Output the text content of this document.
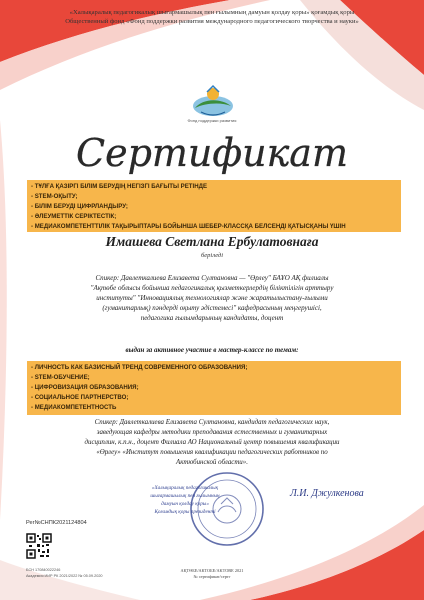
«Халықаралық педагогикалық шығармашылық пен ғылымның дамуын қолдау қоры» қоғамдық қоры
Общественный фонд «Фонд поддержки развития международного педагогического творчества и науки»
Фонд поддержки развития
Сертификат
- ТҰЛҒА ҚАЗІРГІ БІЛІМ БЕРУДІҢ НЕГІЗГІ БАҒЫТЫ РЕТІНДЕ
- STEM-ОҚЫТУ;
- БІЛІМ БЕРУДІ ЦИФРЛАНДЫРУ;
- ӘЛЕУМЕТТІК СЕРІКТЕСТІК;
- МЕДИАКОМПЕТЕНТТІЛІК ТАҚЫРЫПТАРЫ БОЙЫНША ШЕБЕР-КЛАССҚА БЕЛСЕНДІ ҚАТЫСҚАНЫ ҮШІН
Имашева Светлана Ербулатовнаға
берiледі
Спикер: Давлеткалиева Елизавета Султановна — "Өрлеу" БАҰО АҚ филиалы
"Ақтөбе облысы бойынша педагогикалық қызметкерлердің біліктілігін арттыру
институты" "Инновациялық технологиялар және жаратылыстану-ғылыми
(гуманитарлық) пәндерді оқыту әдістемесі" кафедрасының меңгерушісі,
педагогика ғылымдарының кандидаты, доцент
выдан за активное участие в мастер-классе по темам:
- ЛИЧНОСТЬ КАК БАЗИСНЫЙ ТРЕНД СОВРЕМЕННОГО ОБРАЗОВАНИЯ;
- STEM-ОБУЧЕНИЕ;
- ЦИФРОВИЗАЦИЯ ОБРАЗОВАНИЯ;
- СОЦИАЛЬНОЕ ПАРТНЕРСТВО;
- МЕДИАКОМПЕТЕНТНОСТЬ
Спикер: Давлеткалиева Елизавета Султановна, кандидат педагогических наук,
заведующая кафедры методики преподавания естественных и гуманитарных
дисциплин, к.п.н., доцент Филиала АО Национальный центр повышения квалификации
«Өрлеу» «Институт повышения квалификации педагогических работников по
Актюбинской области».
«Халықаралық педагогикалық
шығармашылық пен ғылымның
дамуын қолдау қоры»
Қоғамдық қоры президенті
Л.И. Джулкенова
Рег№СНПК2021124804
БСН 170840022246
Академия ИИР РК 2021/2022 № 05.09.2020
АҚТӨБЕ/АКТОБЕ/AKTOBE 2021
№ сертификат/сертг
